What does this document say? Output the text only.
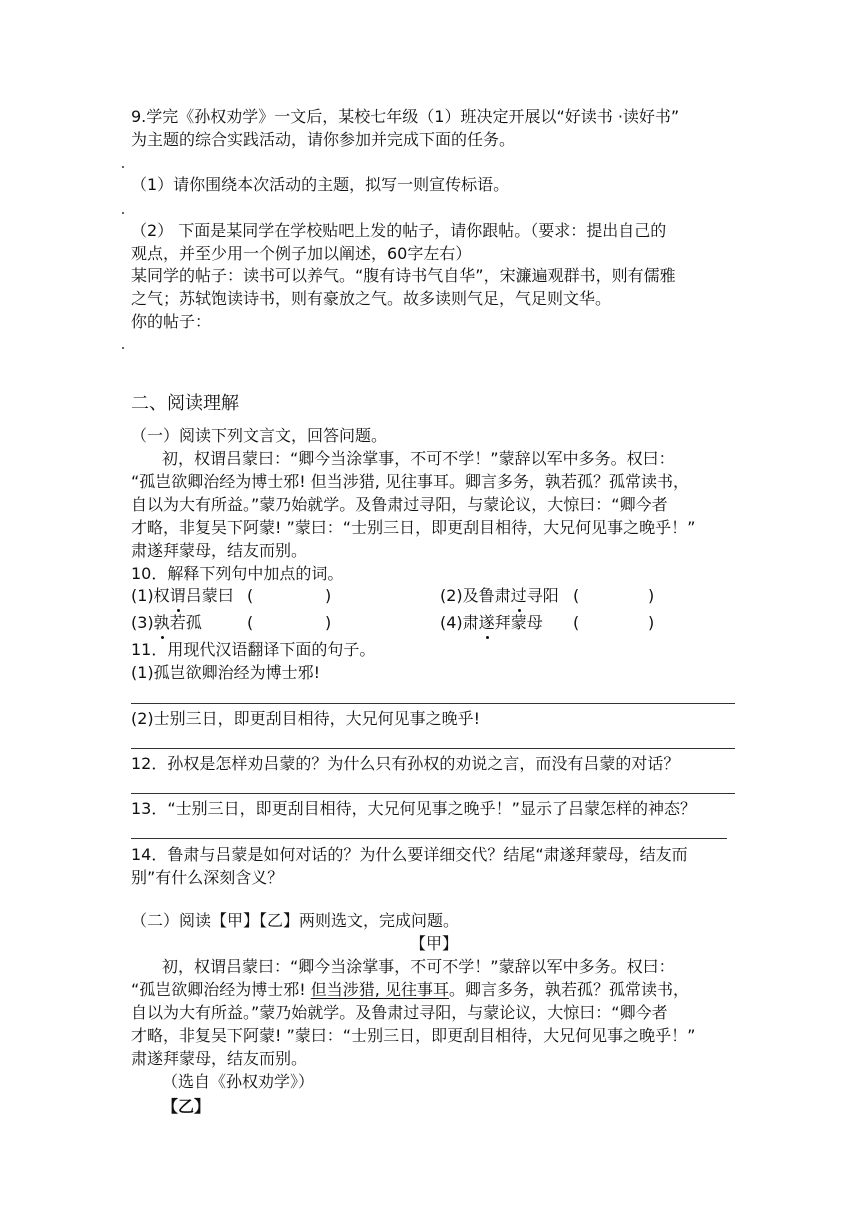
9.学完《孙权劝学》一文后，某校七年级（1）班决定开展以“好读书 ·读好书”
为主题的综合实践活动，请你参加并完成下面的任务。
（1）请你围绕本次活动的主题，拟写一则宣传标语。
（2） 下面是某同学在学校贴吧上发的帖子，请你跟帖。（要求：提出自己的
观点，并至少用一个例子加以阐述，60字左右）
某同学的帖子：读书可以养气。“腹有诗书气自华”，宋濂遍观群书，则有儒雅
之气；苏轼饱读诗书，则有豪放之气。故多读则气足，气足则文华。
你的帖子：
二、阅读理解
（一）阅读下列文言文，回答问题。
初，权谓吕蒙曰：“卿今当涂掌事，不可不学！”蒙辞以军中多务。权曰：
“孤岂欲卿治经为博士邪! 但当涉猎, 见往事耳。卿言多务，孰若孤？孤常读书，
自以为大有所益。”蒙乃始就学。及鲁肃过寻阳，与蒙论议，大惊曰：“卿今者
才略，非复吴下阿蒙! ”蒙曰：“士别三日，即更刮目相待，大兄何见事之晚乎！”
肃遂拜蒙母，结友而别。
10．解释下列句中加点的词。
(1)权谓吕蒙曰 (	)	(2)及鲁肃过寻阳 (	)
(3)孰若孤	(	)	(4)肃遂拜蒙母 (	)
11．用现代汉语翻译下面的句子。
(1)孤岂欲卿治经为博士邪!
(2)士别三日，即更刮目相待，大兄何见事之晚乎!
12．孙权是怎样劝吕蒙的？为什么只有孙权的劝说之言，而没有吕蒙的对话？
13．“士别三日，即更刮目相待，大兄何见事之晚乎！”显示了吕蒙怎样的神态？
14．鲁肃与吕蒙是如何对话的？为什么要详细交代？结尾“肃遂拜蒙母，结友而
别”有什么深刻含义？
（二）阅读【甲】【乙】两则选文，完成问题。
【甲】
初，权谓吕蒙曰：“卿今当涂掌事，不可不学！”蒙辞以军中多务。权曰：
“孤岂欲卿治经为博士邪! 但当涉猎, 见往事耳。卿言多务，孰若孤？孤常读书，
自以为大有所益。”蒙乃始就学。及鲁肃过寻阳，与蒙论议，大惊曰：“卿今者
才略，非复吴下阿蒙! ”蒙曰：“士别三日，即更刮目相待，大兄何见事之晚乎！”
肃遂拜蒙母，结友而别。
（选自《孙权劝学》）
【乙】
